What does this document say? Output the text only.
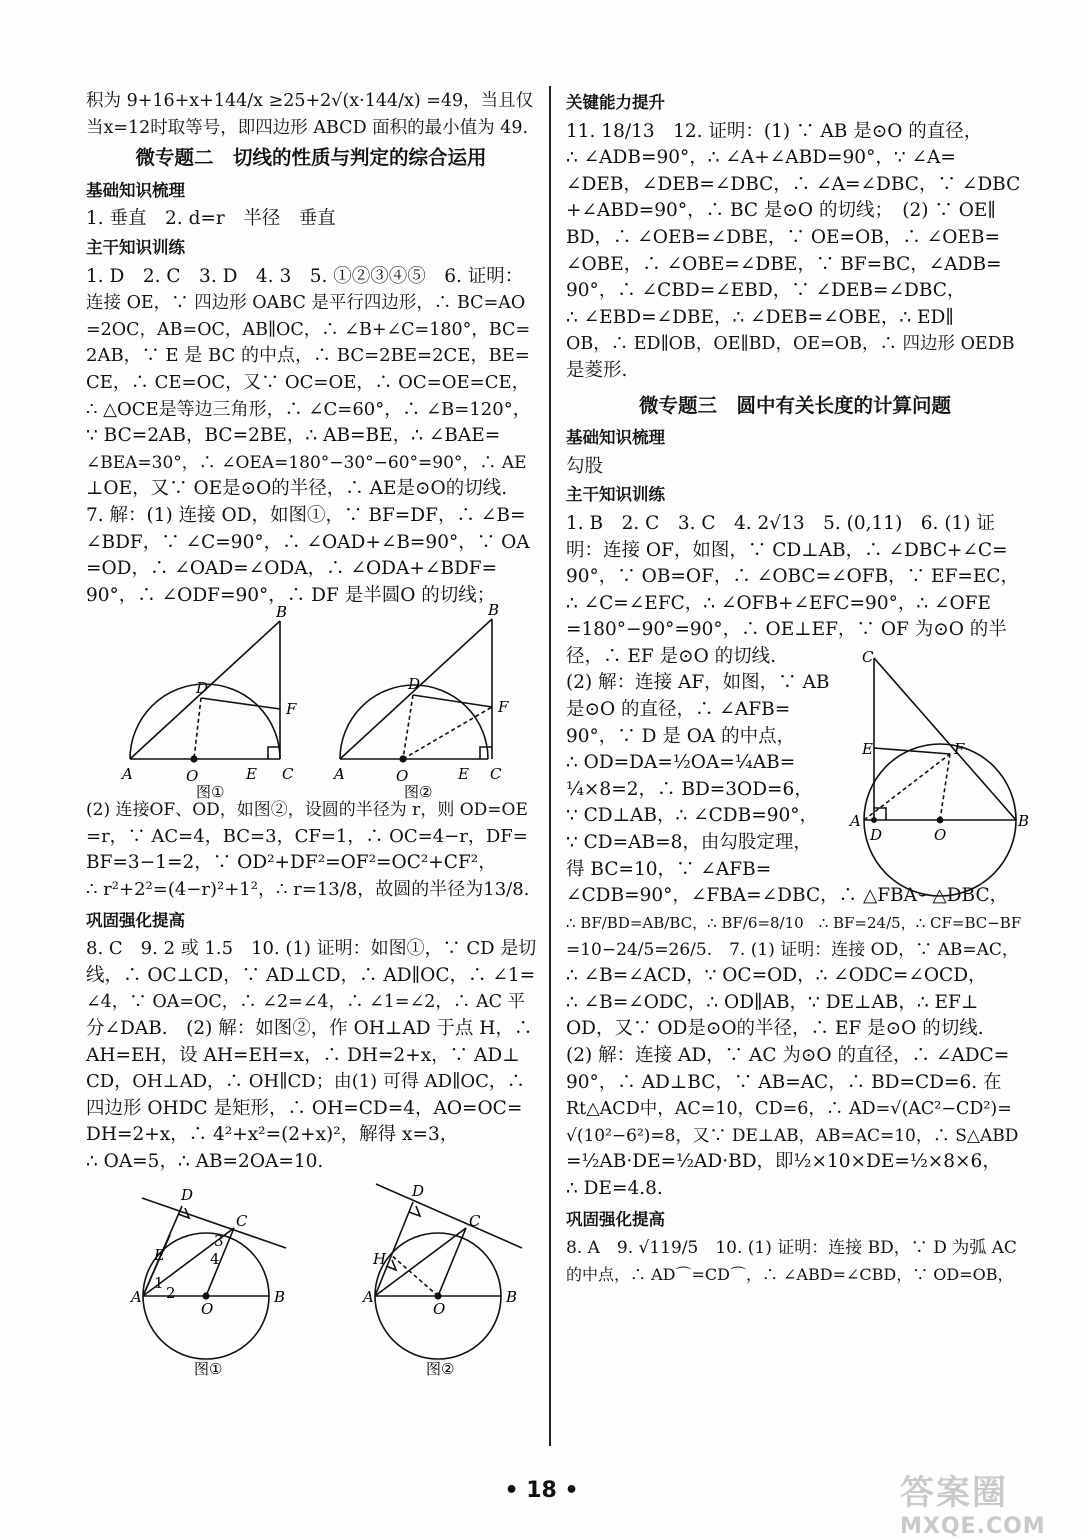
积为 9+16+x+144/x ≥25+2√(x·144/x) =49，当且仅

当x=12时取等号，即四边形 ABCD 面积的最小值为 49.

微专题二　切线的性质与判定的综合运用
基础知识梳理

1. 垂直　2. d=r　半径　垂直

主干知识训练

1. D　2. C　3. D　4. 3　5. ①②③④⑤　6. 证明：

连接 OE，∵ 四边形 OABC 是平行四边形，∴ BC=AO

=2OC，AB=OC，AB∥OC，∴ ∠B+∠C=180°，BC=

2AB，∵ E 是 BC 的中点，∴ BC=2BE=2CE，BE=

CE，∴ CE=OC，又∵ OC=OE，∴ OC=OE=CE，

∴ △OCE是等边三角形，∴ ∠C=60°，∴ ∠B=120°，

∵ BC=2AB，BC=2BE，∴ AB=BE，∴ ∠BAE=

∠BEA=30°，∴ ∠OEA=180°−30°−60°=90°，∴ AE

⊥OE，又∵ OE是⊙O的半径，∴ AE是⊙O的切线.

7. 解：(1) 连接 OD，如图①，∵ BF=DF，∴ ∠B=

∠BDF，∵ ∠C=90°，∴ ∠OAD+∠B=90°，∵ OA

=OD，∴ ∠OAD=∠ODA，∴ ∠ODA+∠BDF=

90°，∴ ∠ODF=90°，∴ DF 是半圆O 的切线；

A	O	E C
F
D
B
图①
A	O	E C
F
D
B
图②

(2) 连接OF、OD，如图②，设圆的半径为 r，则 OD=OE

=r，∵ AC=4，BC=3，CF=1，∴ OC=4−r，DF=

BF=3−1=2，∵ OD²+DF²=OF²=OC²+CF²，

∴ r²+2²=(4−r)²+1²，∴ r=13/8，故圆的半径为13/8.

巩固强化提高

8. C　9. 2 或 1.5　10. (1) 证明：如图①，∵ CD 是切

线，∴ OC⊥CD，∵ AD⊥CD，∴ AD∥OC，∴ ∠1=

∠4，∵ OA=OC，∴ ∠2=∠4，∴ ∠1=∠2，∴ AC 平

分∠DAB.　(2) 解：如图②，作 OH⊥AD 于点 H，∴

AH=EH，设 AH=EH=x，∴ DH=2+x，∵ AD⊥

CD，OH⊥AD，∴ OH∥CD；由(1) 可得 AD∥OC，∴

四边形 OHDC 是矩形，∴ OH=CD=4，AO=OC=

DH=2+x，∴ 4²+x²=(2+x)²，解得 x=3，

∴ OA=5，∴ AB=2OA=10.

A
O
B
C
D
E
1
2
3
4
图①
A
O
B
C
D
H
图②
关键能力提升

11. 18/13　12. 证明：(1) ∵ AB 是⊙O 的直径，

∴ ∠ADB=90°，∴ ∠A+∠ABD=90°，∵ ∠A=

∠DEB，∠DEB=∠DBC，∴ ∠A=∠DBC，∵ ∠DBC

+∠ABD=90°，∴ BC 是⊙O 的切线；　(2) ∵ OE∥

BD，∴ ∠OEB=∠DBE，∵ OE=OB，∴ ∠OEB=

∠OBE，∴ ∠OBE=∠DBE，∵ BF=BC，∠ADB=

90°，∴ ∠CBD=∠EBD，∵ ∠DEB=∠DBC，

∴ ∠EBD=∠DBE，∴ ∠DEB=∠OBE，∴ ED∥

OB，∴ ED∥OB，OE∥BD，OE=OB，∴ 四边形 OEDB

是菱形.

微专题三　圆中有关长度的计算问题
基础知识梳理

勾股

主干知识训练

1. B　2. C　3. C　4. 2√13　5. (0,11)　6. (1) 证

明：连接 OF，如图，∵ CD⊥AB，∴ ∠DBC+∠C=

90°，∵ OB=OF，∴ ∠OBC=∠OFB，∵ EF=EC，

∴ ∠C=∠EFC，∴ ∠OFB+∠EFC=90°，∴ ∠OFE

=180°−90°=90°，∴ OE⊥EF，∵ OF 为⊙O 的半

径，∴ EF 是⊙O 的切线.

(2) 解：连接 AF，如图，∵ AB

是⊙O 的直径，∴ ∠AFB=

90°，∵ D 是 OA 的中点，

∴ OD=DA=½OA=¼AB=

¼×8=2，∴ BD=3OD=6，

∵ CD⊥AB，∴ ∠CDB=90°，

∵ CD=AB=8，由勾股定理，

得 BC=10，∵ ∠AFB=

C
E	F
A
D	O
B

∠CDB=90°，∠FBA=∠DBC，∴ △FBA∽△DBC，

∴ BF/BD=AB/BC，∴ BF/6=8/10　∴ BF=24/5，∴ CF=BC−BF

=10−24/5=26/5.　7. (1) 证明：连接 OD，∵ AB=AC，

∴ ∠B=∠ACD，∵ OC=OD，∴ ∠ODC=∠OCD，

∴ ∠B=∠ODC，∴ OD∥AB，∵ DE⊥AB，∴ EF⊥

OD，又∵ OD是⊙O的半径，∴ EF 是⊙O 的切线.

(2) 解：连接 AD，∵ AC 为⊙O 的直径，∴ ∠ADC=

90°，∴ AD⊥BC，∵ AB=AC，∴ BD=CD=6. 在

Rt△ACD中，AC=10，CD=6，∴ AD=√(AC²−CD²)=

√(10²−6²)=8，又∵ DE⊥AB，AB=AC=10，∴ S△ABD

=½AB·DE=½AD·BD，即½×10×DE=½×8×6，

∴ DE=4.8.

巩固强化提高

8. A　9. √119/5　10. (1) 证明：连接 BD，∵ D 为弧 AC

的中点，∴ AD⌒=CD⌒，∴ ∠ABD=∠CBD，∵ OD=OB，

• 18 •	答案圈
MXQE.COM
